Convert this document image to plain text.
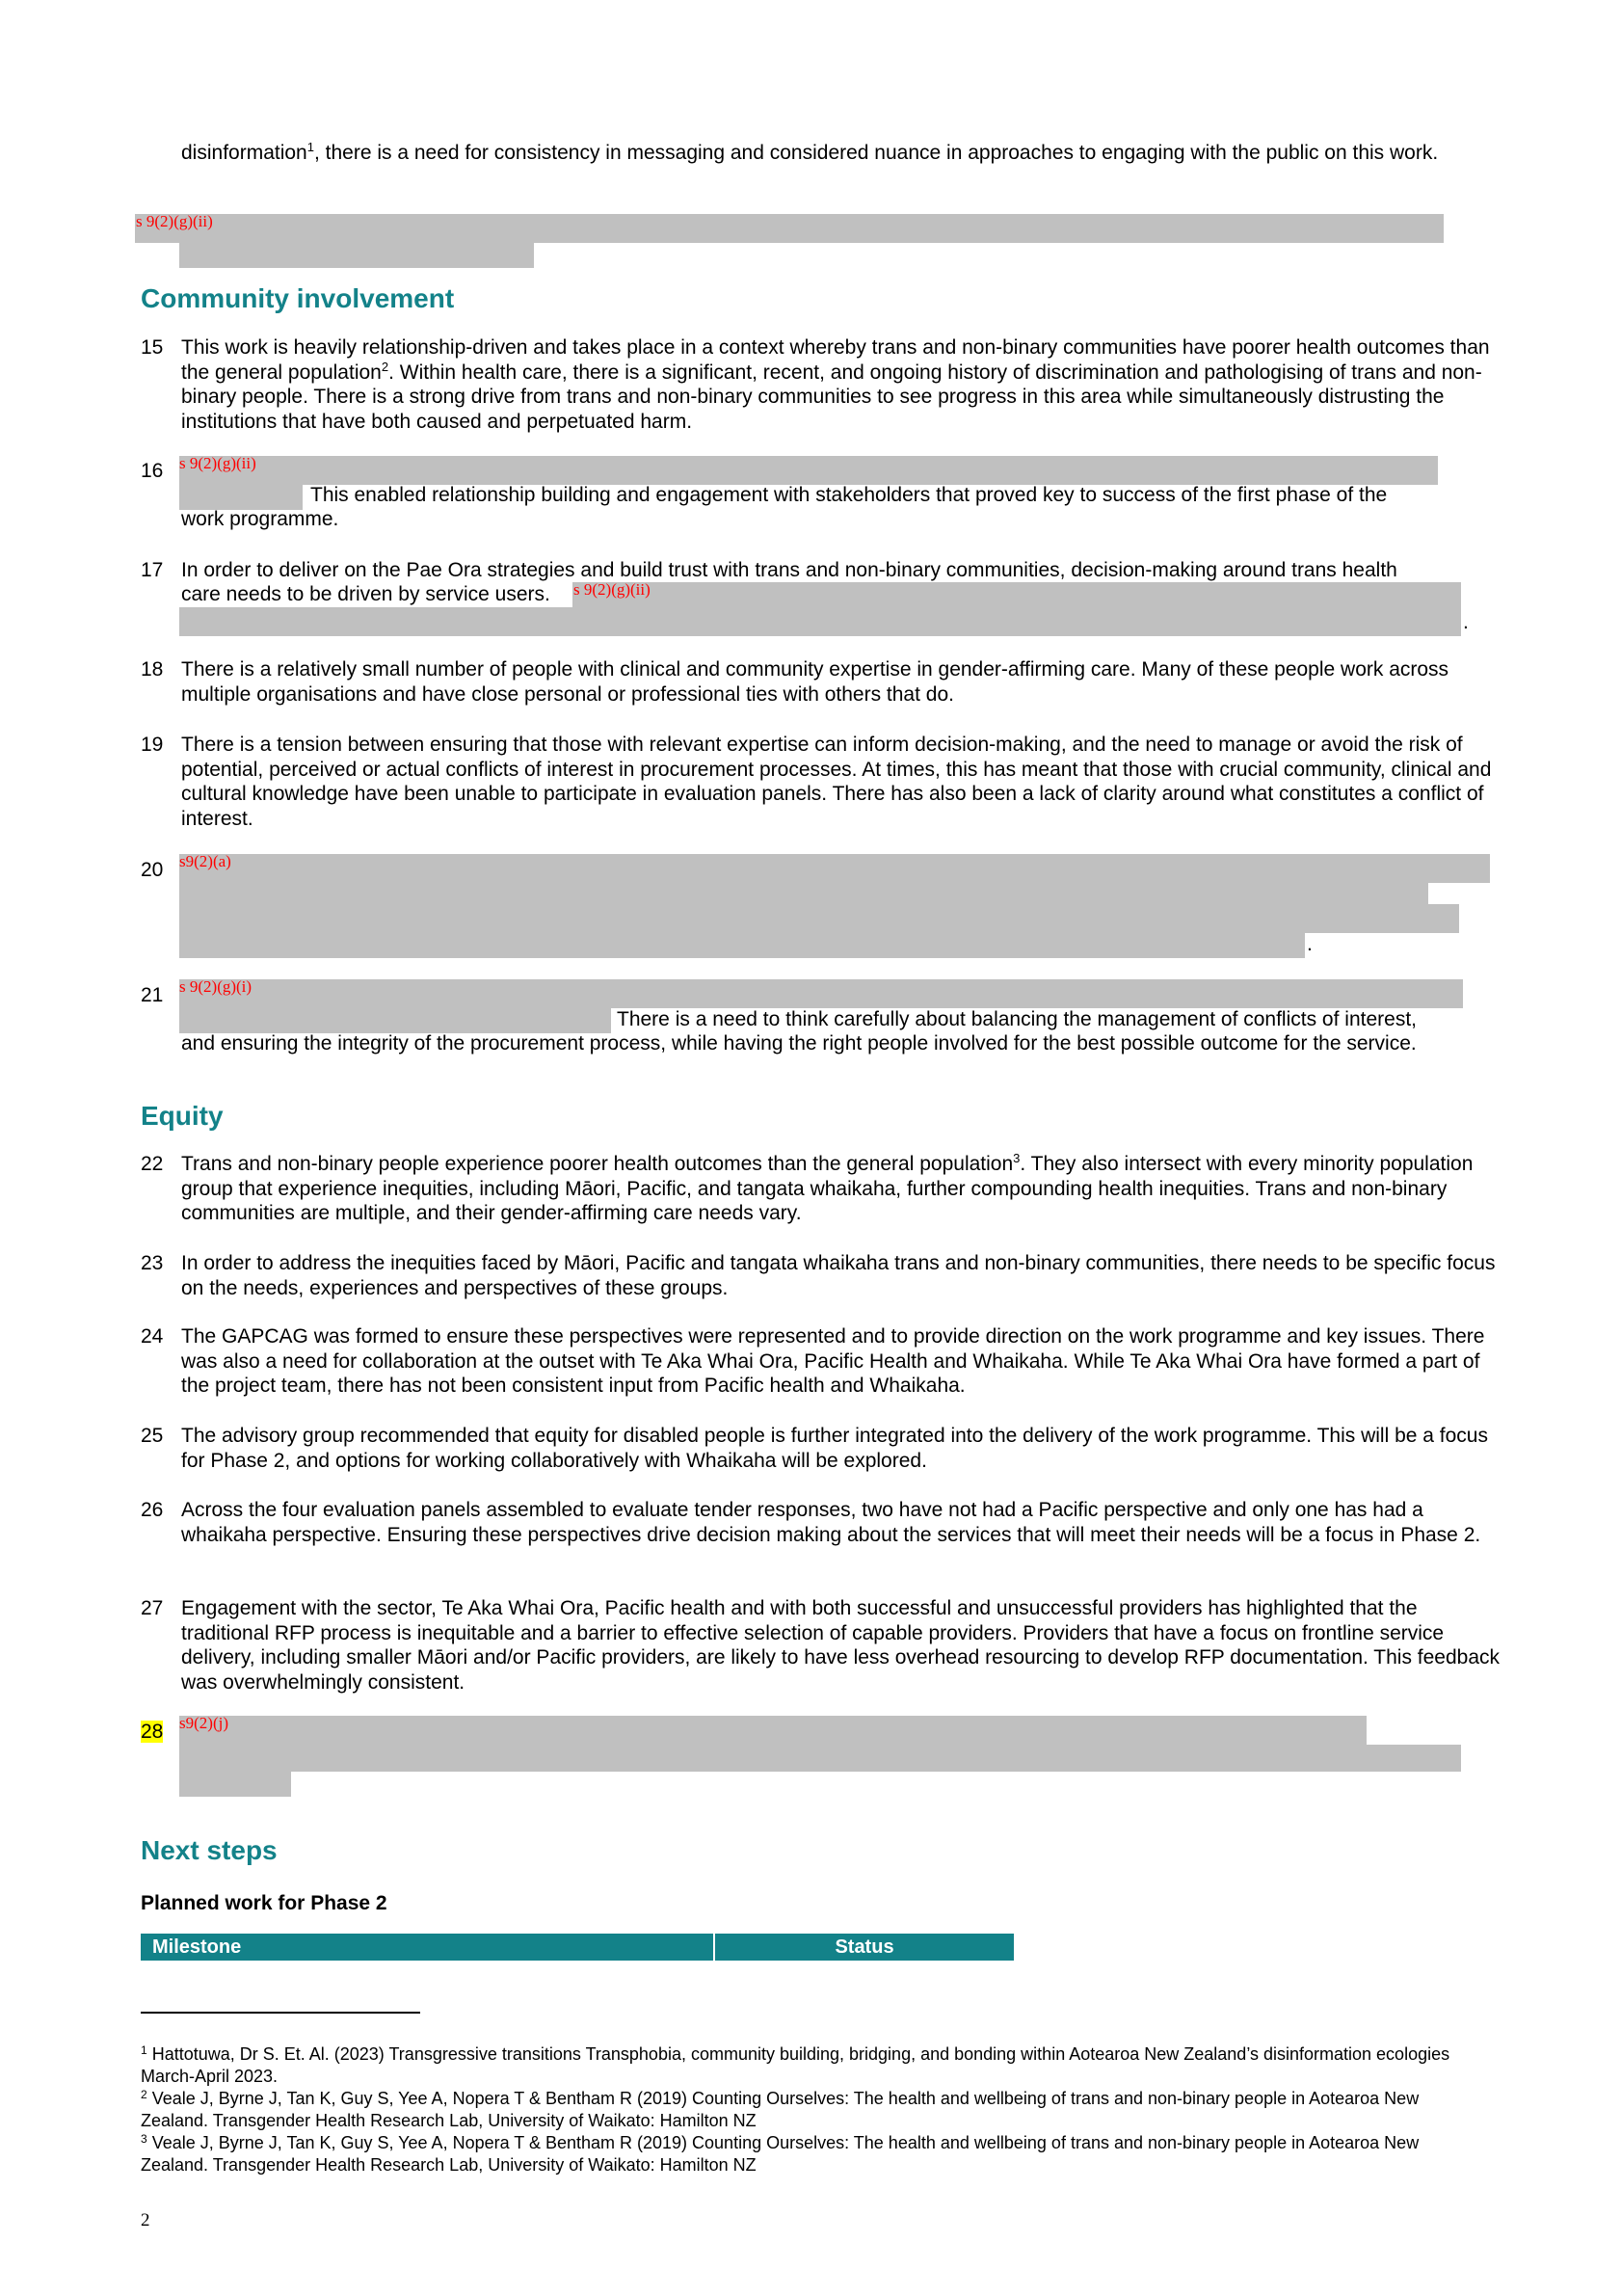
disinformation$^1$, there is a need for consistency in messaging and considered nuance in approaches to engaging with the public on this work.
s 9(2)(g)(ii)
Community involvement
15 This work is heavily relationship-driven and takes place in a context whereby trans and non-binary communities have poorer health outcomes than the general population$^2$. Within health care, there is a significant, recent, and ongoing history of discrimination and pathologising of trans and non-binary people. There is a strong drive from trans and non-binary communities to see progress in this area while simultaneously distrusting the institutions that have both caused and perpetuated harm.
16 s 9(2)(g)(ii)
This enabled relationship building and engagement with stakeholders that proved key to success of the first phase of the
work programme.
17 In order to deliver on the Pae Ora strategies and build trust with trans and non-binary communities, decision-making around trans health
care needs to be driven by service users. s 9(2)(g)(ii)
.
18 There is a relatively small number of people with clinical and community expertise in gender-affirming care. Many of these people work across multiple organisations and have close personal or professional ties with others that do.
19 There is a tension between ensuring that those with relevant expertise can inform decision-making, and the need to manage or avoid the risk of potential, perceived or actual conflicts of interest in procurement processes. At times, this has meant that those with crucial community, clinical and cultural knowledge have been unable to participate in evaluation panels. There has also been a lack of clarity around what constitutes a conflict of interest.
20 s9(2)(a)
.
21 s 9(2)(g)(i)
There is a need to think carefully about balancing the management of conflicts of interest,
and ensuring the integrity of the procurement process, while having the right people involved for the best possible outcome for the service.
Equity
22 Trans and non-binary people experience poorer health outcomes than the general population$^3$. They also intersect with every minority population group that experience inequities, including Māori, Pacific, and tangata whaikaha, further compounding health inequities. Trans and non-binary communities are multiple, and their gender-affirming care needs vary.
23 In order to address the inequities faced by Māori, Pacific and tangata whaikaha trans and non-binary communities, there needs to be specific focus on the needs, experiences and perspectives of these groups.
24 The GAPCAG was formed to ensure these perspectives were represented and to provide direction on the work programme and key issues. There was also a need for collaboration at the outset with Te Aka Whai Ora, Pacific Health and Whaikaha. While Te Aka Whai Ora have formed a part of the project team, there has not been consistent input from Pacific health and Whaikaha.
25 The advisory group recommended that equity for disabled people is further integrated into the delivery of the work programme. This will be a focus for Phase 2, and options for working collaboratively with Whaikaha will be explored.
26 Across the four evaluation panels assembled to evaluate tender responses, two have not had a Pacific perspective and only one has had a whaikaha perspective. Ensuring these perspectives drive decision making about the services that will meet their needs will be a focus in Phase 2.
27 Engagement with the sector, Te Aka Whai Ora, Pacific health and with both successful and unsuccessful providers has highlighted that the traditional RFP process is inequitable and a barrier to effective selection of capable providers. Providers that have a focus on frontline service delivery, including smaller Māori and/or Pacific providers, are likely to have less overhead resourcing to develop RFP documentation. This feedback was overwhelmingly consistent.
28 s9(2)(j)
Next steps
Planned work for Phase 2
Milestone	Status
$^1$ Hattotuwa, Dr S. Et. Al. (2023) Transgressive transitions Transphobia, community building, bridging, and bonding within Aotearoa New Zealand’s disinformation ecologies March-April 2023.
$^2$ Veale J, Byrne J, Tan K, Guy S, Yee A, Nopera T & Bentham R (2019) Counting Ourselves: The health and wellbeing of trans and non-binary people in Aotearoa New Zealand. Transgender Health Research Lab, University of Waikato: Hamilton NZ
$^3$ Veale J, Byrne J, Tan K, Guy S, Yee A, Nopera T & Bentham R (2019) Counting Ourselves: The health and wellbeing of trans and non-binary people in Aotearoa New Zealand. Transgender Health Research Lab, University of Waikato: Hamilton NZ
2
